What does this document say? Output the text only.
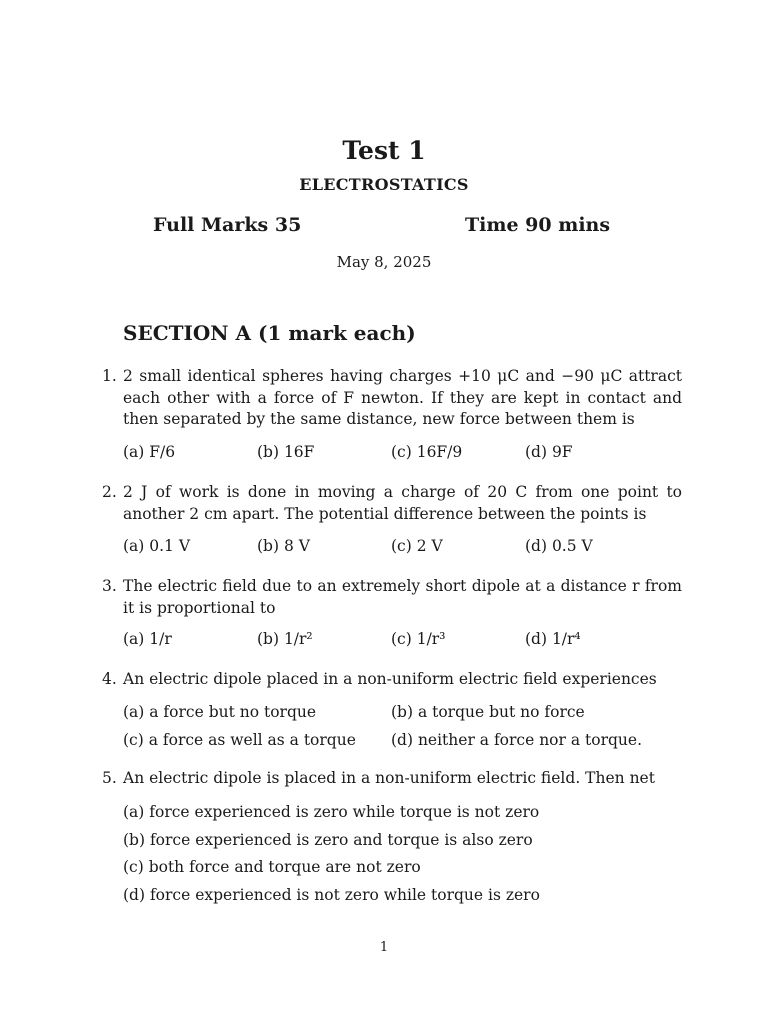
Test 1
ELECTROSTATICS
Full Marks 35	Time 90 mins
May 8, 2025
SECTION A (1 mark each)
1. 2 small identical spheres having charges +10 μC and −90 μC attract each other with a force of F newton. If they are kept in contact and then separated by the same distance, new force between them is
(a) F/6	(b) 16F	(c) 16F/9	(d) 9F
2. 2 J of work is done in moving a charge of 20 C from one point to another 2 cm apart. The potential difference between the points is
(a) 0.1 V	(b) 8 V	(c) 2 V	(d) 0.5 V
3. The electric field due to an extremely short dipole at a distance r from it is proportional to
(a) 1/r	(b) 1/r²	(c) 1/r³	(d) 1/r⁴
4. An electric dipole placed in a non-uniform electric field experiences
(a) a force but no torque	(b) a torque but no force
(c) a force as well as a torque (d) neither a force nor a torque.
5. An electric dipole is placed in a non-uniform electric field. Then net
(a) force experienced is zero while torque is not zero
(b) force experienced is zero and torque is also zero
(c) both force and torque are not zero
(d) force experienced is not zero while torque is zero
1
